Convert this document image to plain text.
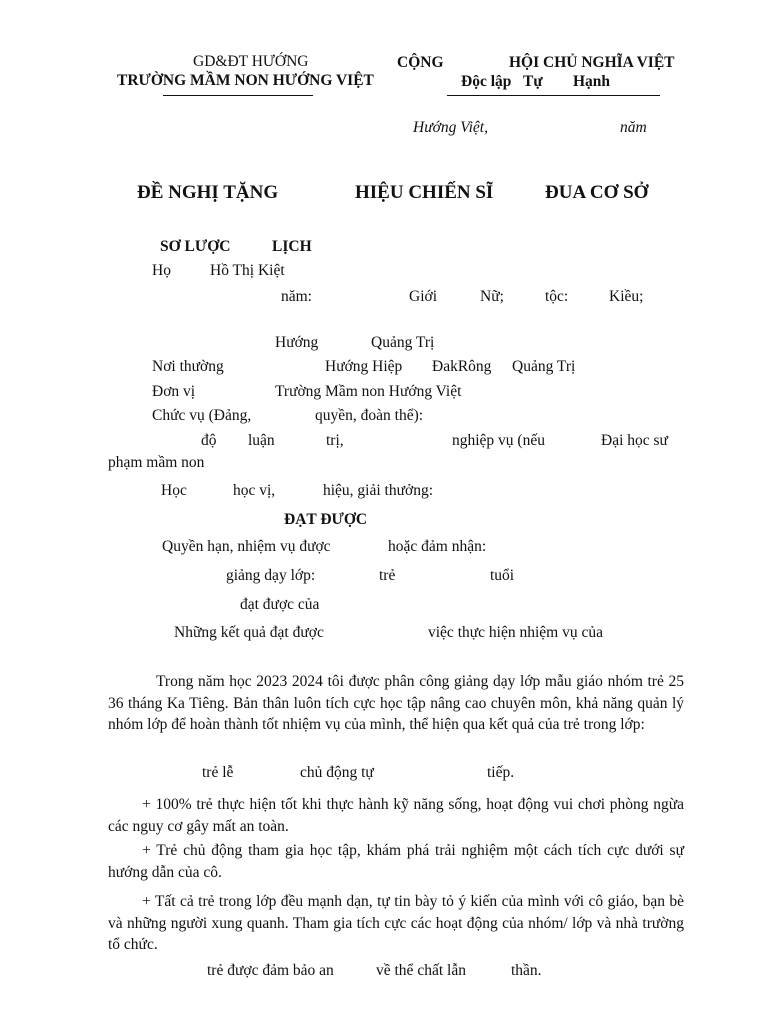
GD&ĐT HƯỚNG
TRƯỜNG MẦM NON HƯỚNG VIỆT
CỘNG	HỘI CHỦ NGHĨA VIỆT
Độc lập Tự Hạnh
Hướng Việt,	năm
ĐỀ NGHỊ TẶNG	HIỆU CHIẾN SĨ	ĐUA CƠ SỞ
SƠ LƯỢC	LỊCH
Họ	Hồ Thị Kiệt
năm:	Giới	Nữ;	tộc:	Kiều;
Hướng	Quảng Trị
Nơi thường	Hướng Hiệp ĐakRông Quảng Trị
Đơn vị	Trường Mầm non Hướng Việt
Chức vụ (Đảng,	quyền, đoàn thể):
độ luận	trị,	nghiệp vụ (nếu	Đại học sư
phạm mầm non
Học	học vị,	hiệu, giải thưởng:
ĐẠT ĐƯỢC
Quyền hạn, nhiệm vụ được	hoặc đảm nhận:
giảng dạy lớp:	trẻ	tuổi
đạt được của
Những kết quả đạt được	việc thực hiện nhiệm vụ của
Trong năm học 2023 2024 tôi được phân công giảng dạy lớp mẫu giáo nhóm trẻ 25 36 tháng Ka Tiêng. Bản thân luôn tích cực học tập nâng cao chuyên môn, khả năng quản lý nhóm lớp để hoàn thành tốt nhiệm vụ của mình, thể hiện qua kết quả của trẻ trong lớp:
trẻ lễ	chủ động tự	tiếp.
+ 100% trẻ thực hiện tốt khi thực hành kỹ năng sống, hoạt động vui chơi phòng ngừa các nguy cơ gây mất an toàn.
+ Trẻ chủ động tham gia học tập, khám phá trải nghiệm một cách tích cực dưới sự hướng dẫn của cô.
+ Tất cả trẻ trong lớp đều mạnh dạn, tự tin bày tỏ ý kiến của mình với cô giáo, bạn bè và những người xung quanh. Tham gia tích cực các hoạt động của nhóm/ lớp và nhà trường tổ chức.
trẻ được đảm bảo an	về thể chất lẫn	thần.
